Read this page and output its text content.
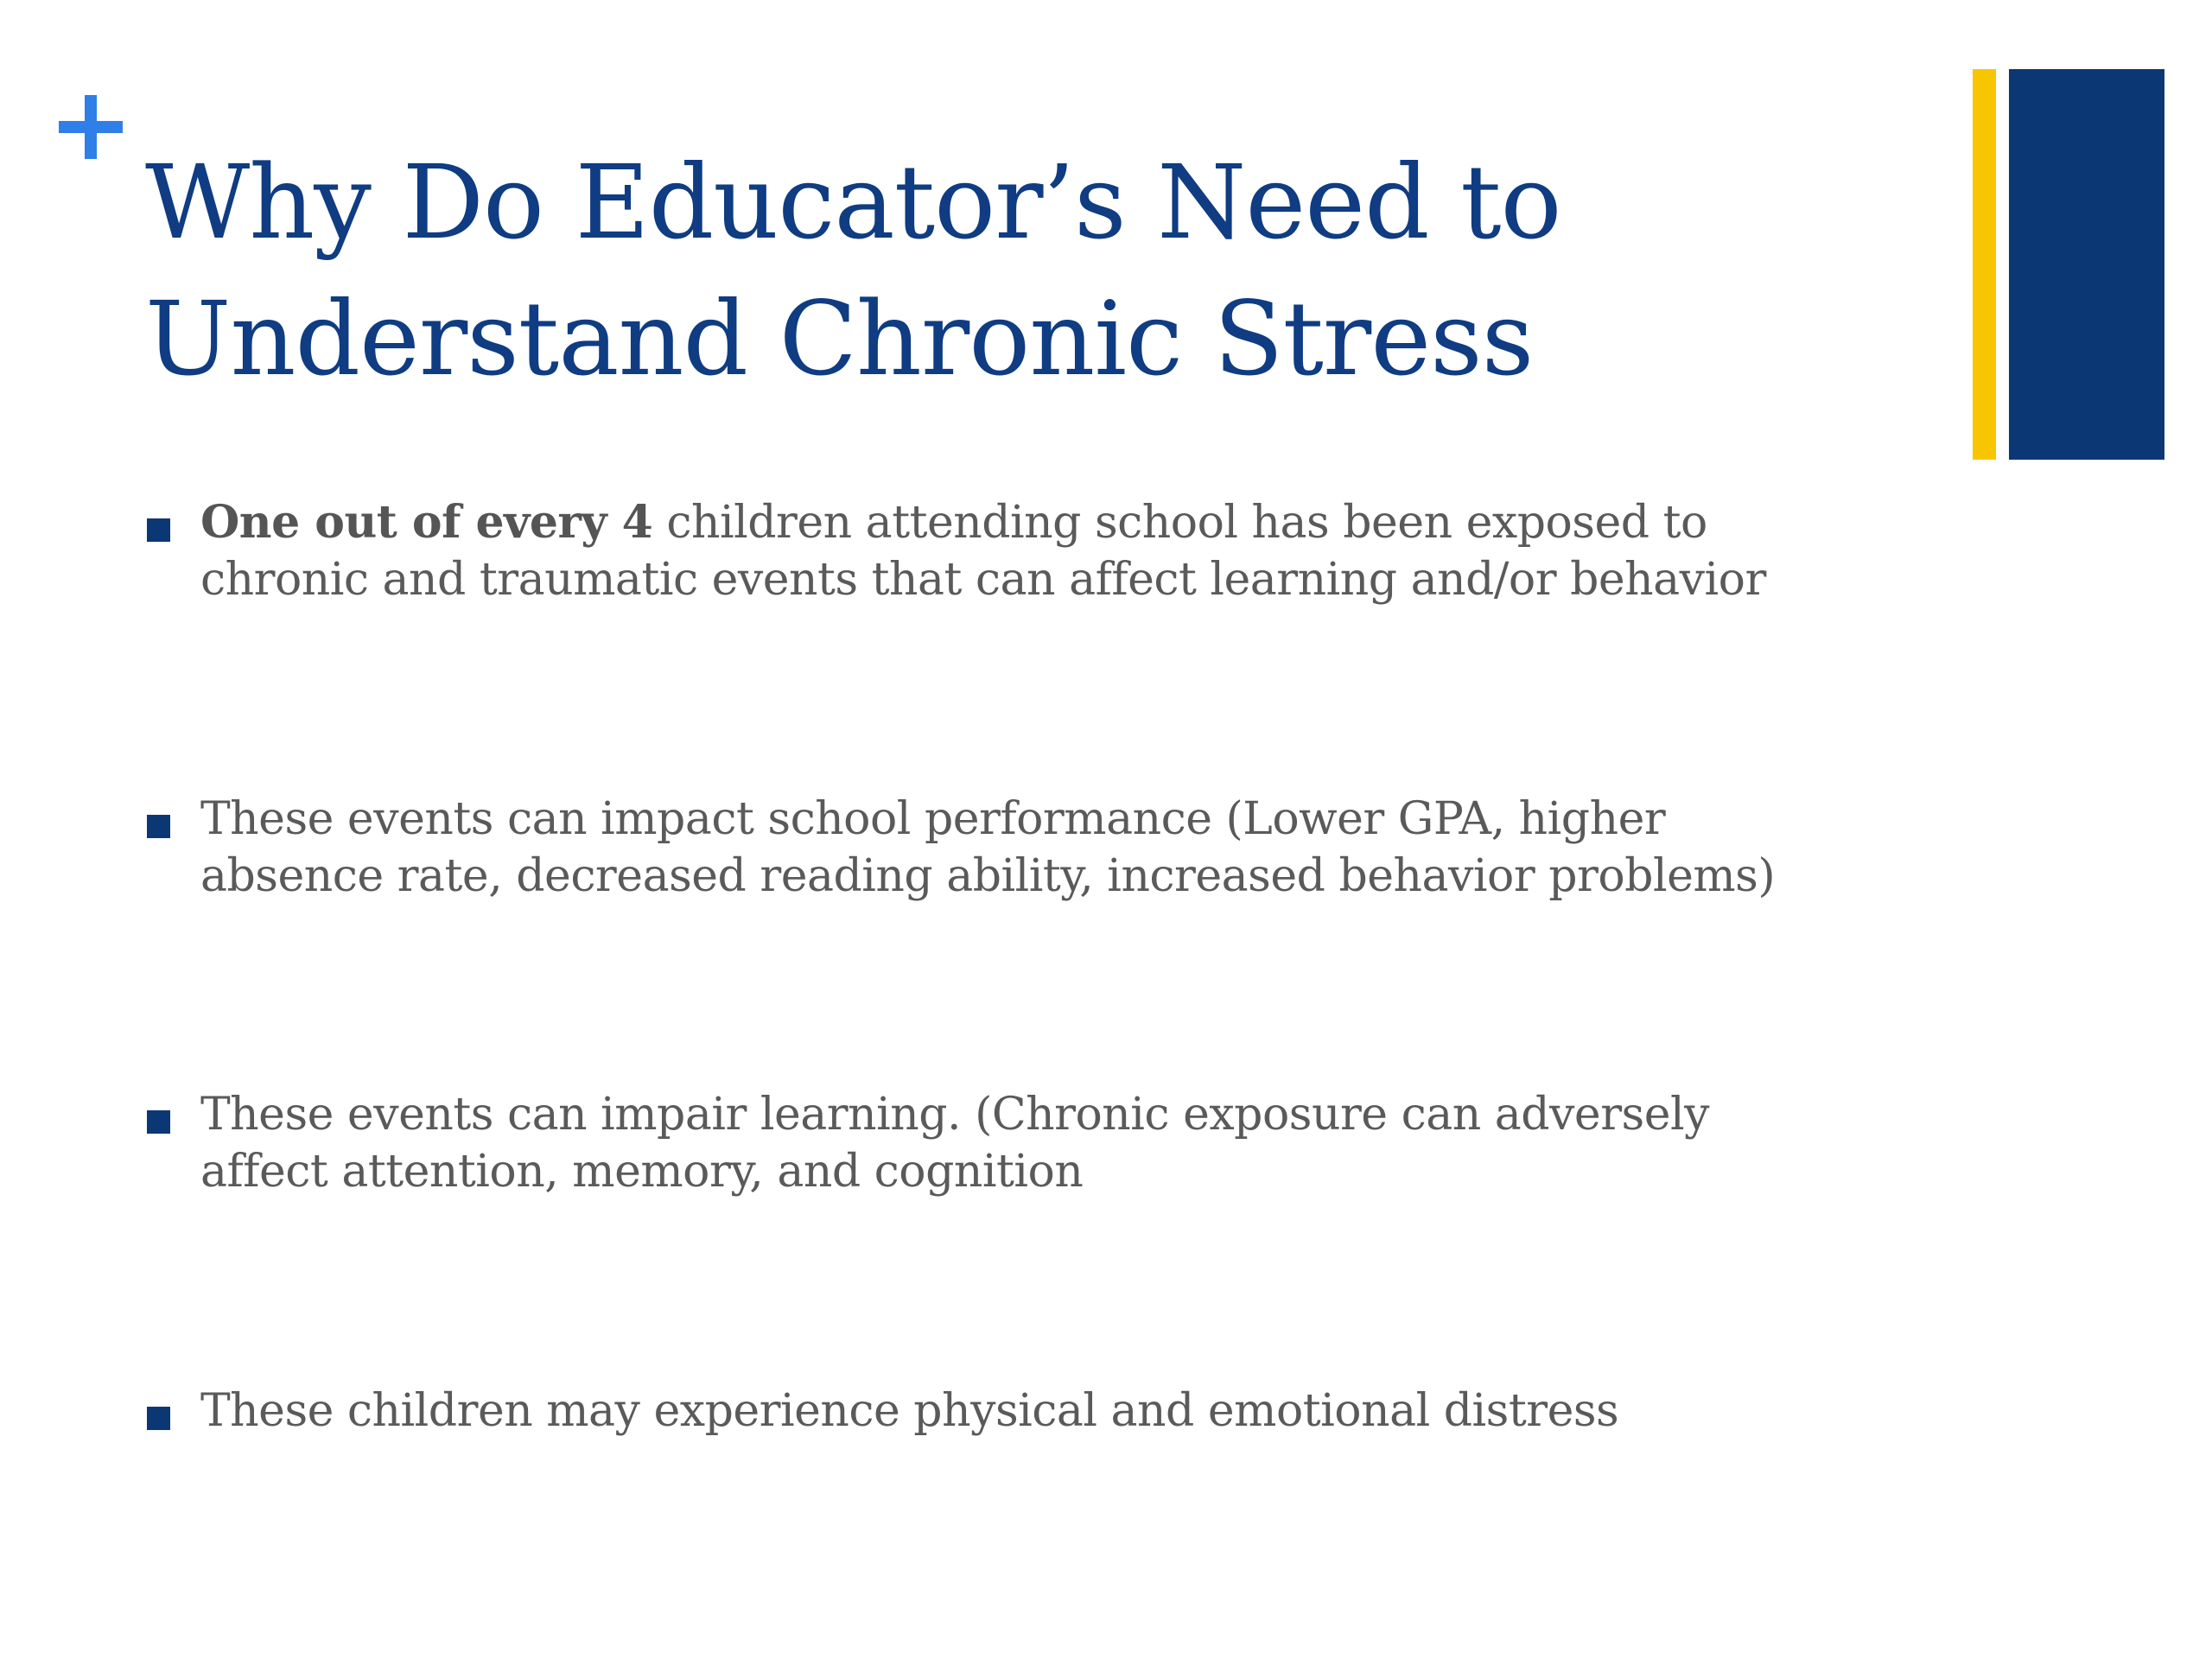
Why Do Educator’s Need to
Understand Chronic Stress
One out of every 4 children attending school has been exposed to
chronic and traumatic events that can affect learning and/or behavior
These events can impact school performance (Lower GPA, higher
absence rate, decreased reading ability, increased behavior problems)
These events can impair learning. (Chronic exposure can adversely
affect attention, memory, and cognition
These children may experience physical and emotional distress
